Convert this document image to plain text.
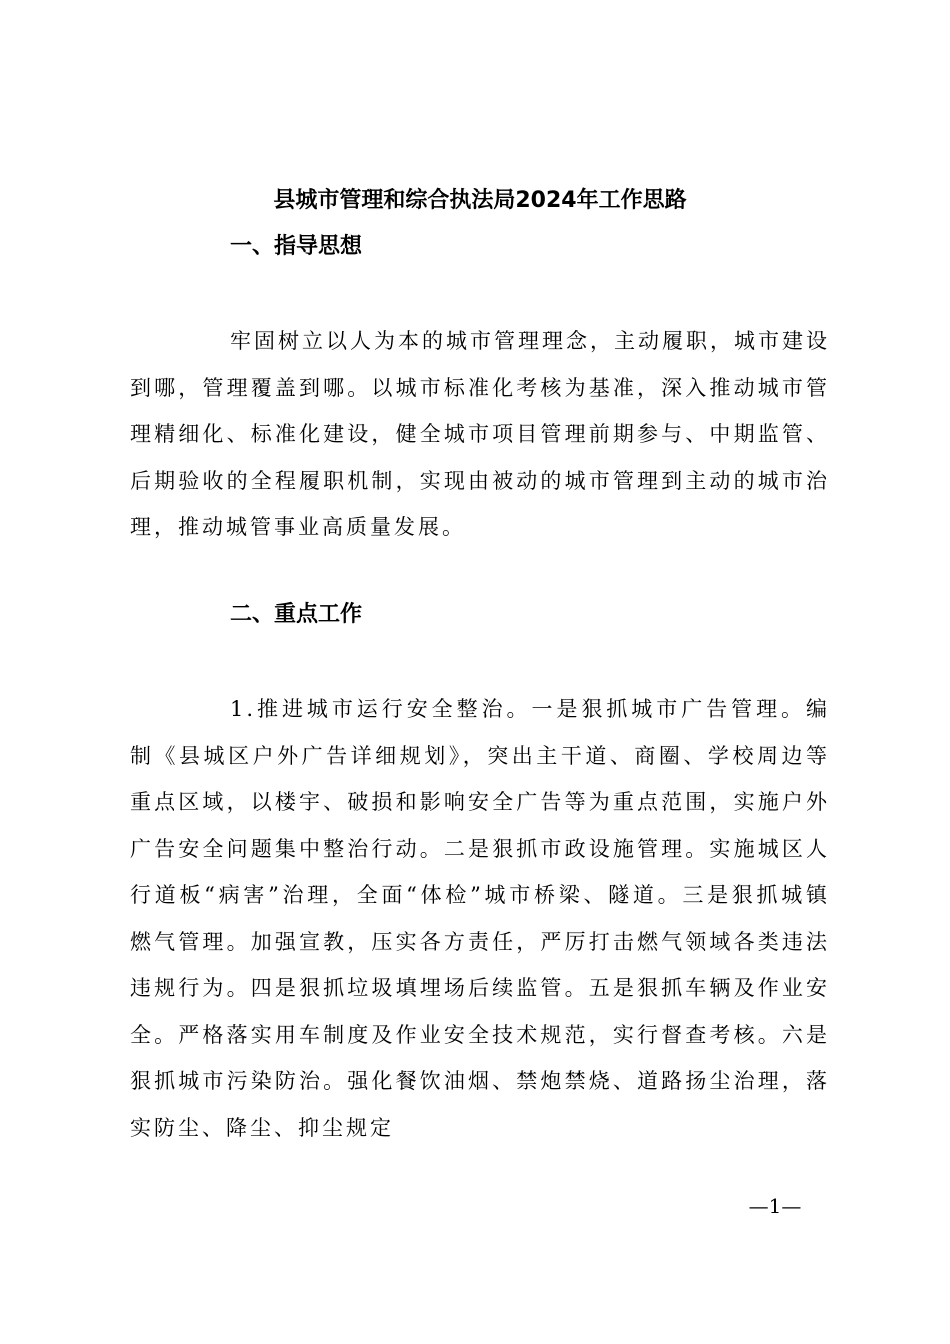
县城市管理和综合执法局2024年工作思路
一、指导思想

牢固树立以人为本的城市管理理念，主动履职，城市建设到哪，管理覆盖到哪。以城市标准化考核为基准，深入推动城市管理精细化、标准化建设，健全城市项目管理前期参与、中期监管、后期验收的全程履职机制，实现由被动的城市管理到主动的城市治理，推动城管事业高质量发展。

二、重点工作

1.推进城市运行安全整治。一是狠抓城市广告管理。编制《县城区户外广告详细规划》，突出主干道、商圈、学校周边等重点区域，以楼宇、破损和影响安全广告等为重点范围，实施户外广告安全问题集中整治行动。二是狠抓市政设施管理。实施城区人行道板“病害”治理，全面“体检”城市桥梁、隧道。三是狠抓城镇燃气管理。加强宣教，压实各方责任，严厉打击燃气领域各类违法违规行为。四是狠抓垃圾填埋场后续监管。五是狠抓车辆及作业安全。严格落实用车制度及作业安全技术规范，实行督查考核。六是狠抓城市污染防治。强化餐饮油烟、禁炮禁烧、道路扬尘治理，落实防尘、降尘、抑尘规定

—1—
